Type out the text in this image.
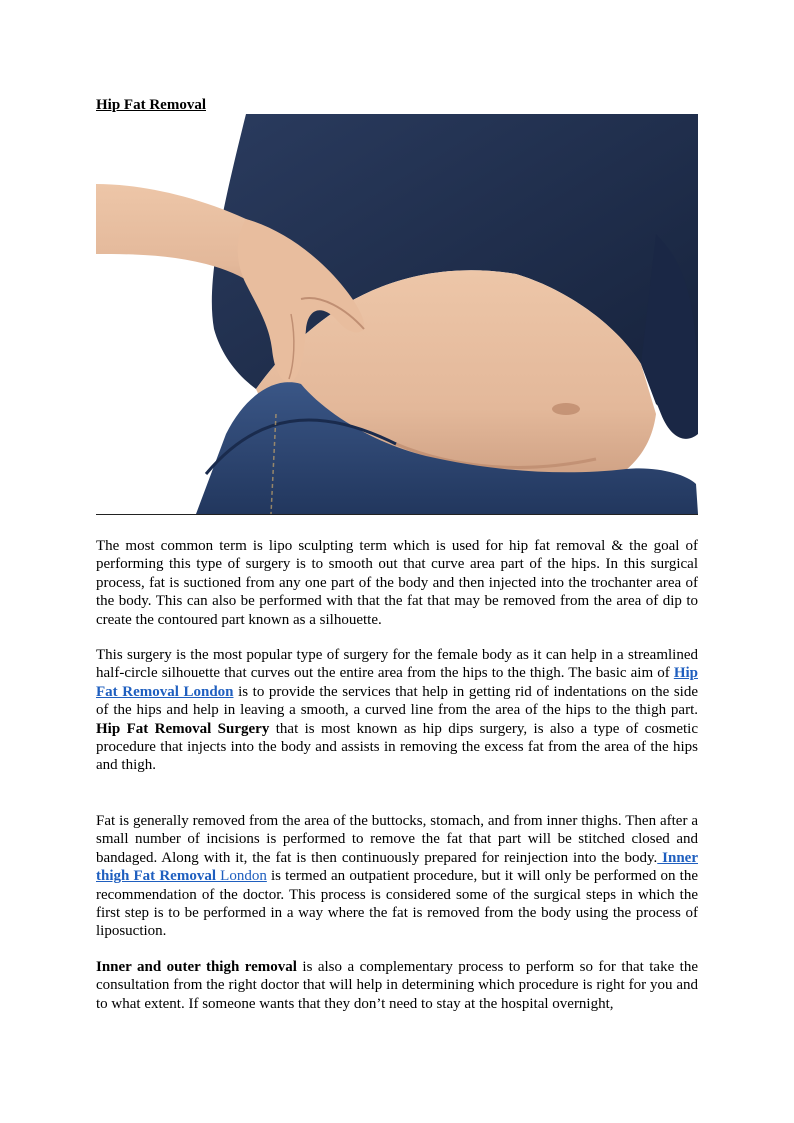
Hip Fat Removal

The most common term is lipo sculpting term which is used for hip fat removal & the goal of performing this type of surgery is to smooth out that curve area part of the hips. In this surgical process, fat is suctioned from any one part of the body and then injected into the trochanter area of the body. This can also be performed with that the fat that may be removed from the area of dip to create the contoured part known as a silhouette.

This surgery is the most popular type of surgery for the female body as it can help in a streamlined half-circle silhouette that curves out the entire area from the hips to the thigh. The basic aim of Hip Fat Removal London is to provide the services that help in getting rid of indentations on the side of the hips and help in leaving a smooth, a curved line from the area of the hips to the thigh part. Hip Fat Removal Surgery that is most known as hip dips surgery, is also a type of cosmetic procedure that injects into the body and assists in removing the excess fat from the area of the hips and thigh.

Fat is generally removed from the area of the buttocks, stomach, and from inner thighs. Then after a small number of incisions is performed to remove the fat that part will be stitched closed and bandaged. Along with it, the fat is then continuously prepared for reinjection into the body. Inner thigh Fat Removal London is termed an outpatient procedure, but it will only be performed on the recommendation of the doctor. This process is considered some of the surgical steps in which the first step is to be performed in a way where the fat is removed from the body using the process of liposuction.

Inner and outer thigh removal is also a complementary process to perform so for that take the consultation from the right doctor that will help in determining which procedure is right for you and to what extent. If someone wants that they don’t need to stay at the hospital overnight,
